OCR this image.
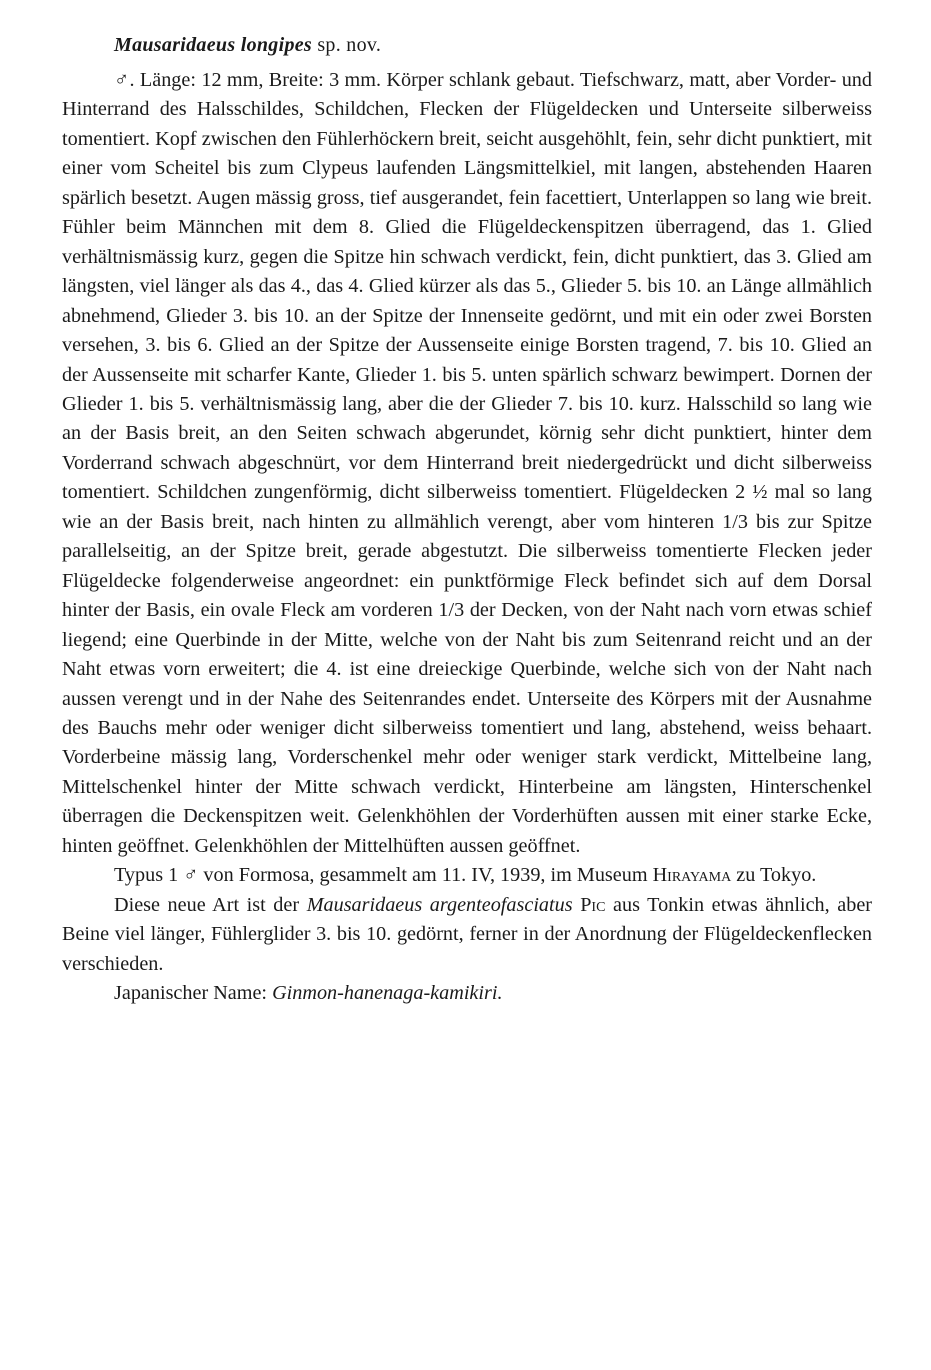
Mausaridaeus longipes sp. nov.

♂. Länge: 12 mm, Breite: 3 mm. Körper schlank gebaut. Tiefschwarz, matt, aber Vorder- und Hinterrand des Halsschildes, Schildchen, Flecken der Flügeldecken und Unterseite silberweiss tomentiert. Kopf zwischen den Fühlerhöckern breit, seicht ausgehöhlt, fein, sehr dicht punktiert, mit einer vom Scheitel bis zum Clypeus laufenden Längsmittelkiel, mit langen, abstehenden Haaren spärlich besetzt. Augen mässig gross, tief ausgerandet, fein facettiert, Unterlappen so lang wie breit. Fühler beim Männchen mit dem 8. Glied die Flügeldeckenspitzen überragend, das 1. Glied verhältnismässig kurz, gegen die Spitze hin schwach verdickt, fein, dicht punktiert, das 3. Glied am längsten, viel länger als das 4., das 4. Glied kürzer als das 5., Glieder 5. bis 10. an Länge allmählich abnehmend, Glieder 3. bis 10. an der Spitze der Innenseite gedörnt, und mit ein oder zwei Borsten versehen, 3. bis 6. Glied an der Spitze der Aussenseite einige Borsten tragend, 7. bis 10. Glied an der Aussenseite mit scharfer Kante, Glieder 1. bis 5. unten spärlich schwarz bewimpert. Dornen der Glieder 1. bis 5. verhältnismässig lang, aber die der Glieder 7. bis 10. kurz. Halsschild so lang wie an der Basis breit, an den Seiten schwach abgerundet, körnig sehr dicht punktiert, hinter dem Vorderrand schwach abgeschnürt, vor dem Hinterrand breit niedergedrückt und dicht silberweiss tomentiert. Schildchen zungenförmig, dicht silberweiss tomentiert. Flügeldecken 2 ½ mal so lang wie an der Basis breit, nach hinten zu allmählich verengt, aber vom hinteren 1/3 bis zur Spitze parallelseitig, an der Spitze breit, gerade abgestutzt. Die silberweiss tomentierte Flecken jeder Flügeldecke folgenderweise angeordnet: ein punktförmige Fleck befindet sich auf dem Dorsal hinter der Basis, ein ovale Fleck am vorderen 1/3 der Decken, von der Naht nach vorn etwas schief liegend; eine Querbinde in der Mitte, welche von der Naht bis zum Seitenrand reicht und an der Naht etwas vorn erweitert; die 4. ist eine dreieckige Querbinde, welche sich von der Naht nach aussen verengt und in der Nahe des Seitenrandes endet. Unterseite des Körpers mit der Ausnahme des Bauchs mehr oder weniger dicht silberweiss tomentiert und lang, abstehend, weiss behaart. Vorderbeine mässig lang, Vorderschenkel mehr oder weniger stark verdickt, Mittelbeine lang, Mittelschenkel hinter der Mitte schwach verdickt, Hinterbeine am längsten, Hinterschenkel überragen die Deckenspitzen weit. Gelenkhöhlen der Vorderhüften aussen mit einer starke Ecke, hinten geöffnet. Gelenkhöhlen der Mittelhüften aussen geöffnet.

Typus 1 ♂ von Formosa, gesammelt am 11. IV, 1939, im Museum Hirayama zu Tokyo.

Diese neue Art ist der Mausaridaeus argenteofasciatus Pic aus Tonkin etwas ähnlich, aber Beine viel länger, Fühlerglider 3. bis 10. gedörnt, ferner in der Anordnung der Flügeldeckenflecken verschieden.

Japanischer Name: Ginmon-hanenaga-kamikiri.
